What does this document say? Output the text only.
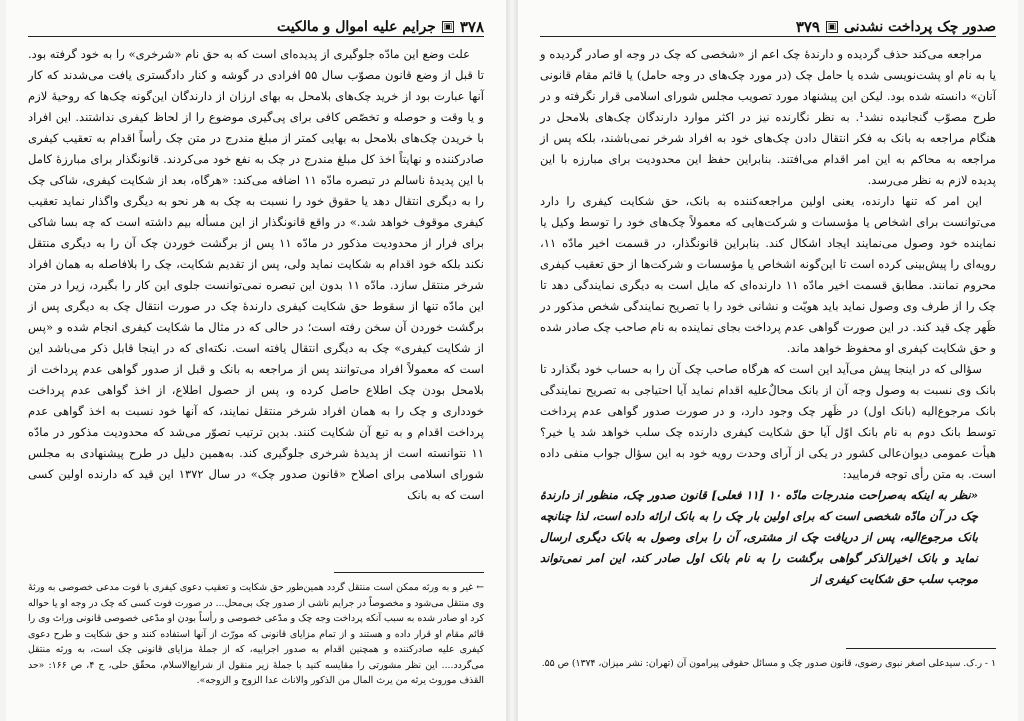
۳۷۸
▣
جرایم علیه اموال و مالکیت

علت وضع این مادّه جلوگیری از پدیده‌ای است که به حق نام «شرخری» را به خود گرفته بود. تا قبل از وضع قانون مصوّب سال ۵۵ افرادی در گوشه و کنار دادگستری یافت می‌شدند که کار آنها عبارت بود از خرید چک‌های بلامحل به بهای ارزان از دارندگان این‌گونه چک‌ها که روحیهٔ لازم و یا وقت و حوصله و تخصّص کافی برای پی‌گیری موضوع را از لحاظ کیفری نداشتند. این افراد با خریدن چک‌های بلامحل به بهایی کمتر از مبلغ مندرج در متن چک رأساً اقدام به تعقیب کیفری صادرکننده و نهایتاً اخذ کل مبلغ مندرج در چک به نفع خود می‌کردند. قانونگذار برای مبارزهٔ کامل با این پدیدهٔ ناسالم در تبصره مادّه ۱۱ اضافه می‌کند: «هرگاه، بعد از شکایت کیفری، شاکی چک را به دیگری انتقال دهد یا حقوق خود را نسبت به چک به هر نحو به دیگری واگذار نماید تعقیب کیفری موقوف خواهد شد.» در واقع قانونگذار از این مسأله بیم داشته است که چه بسا شاکی برای فرار از محدودیت مذکور در مادّه ۱۱ پس از برگشت خوردن چک آن را به دیگری منتقل نکند بلکه خود اقدام به شکایت نماید ولی، پس از تقدیم شکایت، چک را بلافاصله به همان افراد شرخر منتقل سازد. مادّه ۱۱ بدون این تبصره نمی‌توانست جلوی این کار را بگیرد، زیرا در متن این مادّه تنها از سقوط حق شکایت کیفری دارندهٔ چک در صورت انتقال چک به دیگری پس از برگشت خوردن آن سخن رفته است؛ در حالی که در مثال ما شکایت کیفری انجام شده و «پس از شکایت کیفری» چک به دیگری انتقال یافته است. نکته‌ای که در اینجا قابل ذکر می‌باشد این است که معمولاً افراد می‌توانند پس از مراجعه به بانک و قبل از صدور گواهی عدم پرداخت از بلامحل بودن چک اطلاع حاصل کرده و، پس از حصول اطلاع، از اخذ گواهی عدم پرداخت خودداری و چک را به همان افراد شرخر منتقل نمایند، که آنها خود نسبت به اخذ گواهی عدم پرداخت اقدام و به تبع آن شکایت کنند. بدین ترتیب تصوّر می‌شد که محدودیت مذکور در مادّه ۱۱ نتوانسته است از پدیدهٔ شرخری جلوگیری کند. به‌همین دلیل در طرح پیشنهادی به مجلس شورای اسلامی برای اصلاح «قانون صدور چک» در سال ۱۳۷۲ این قید که دارنده اولین کسی است که به بانک

← غیر و به ورثه ممکن است منتقل گردد همین‌طور حق شکایت و تعقیب دعوی کیفری با فوت مدعی خصوصی به ورثهٔ وی منتقل می‌شود و مخصوصاً در جرایم ناشی از صدور چک بی‌محل... در صورت فوت کسی که چک در وجه او یا حواله کرد او صادر شده به سبب آنکه پرداخت وجه چک و مدّعی خصوصی و رأساً بودن او مدّعی خصوصی قانونی وراث وی را قائم مقام او قرار داده و هستند و از تمام مزایای قانونی که مورّث از آنها استفاده کنند و حق شکایت و طرح دعوی کیفری علیه صادرکننده و همچنین اقدام به صدور اجراییه، که از جملهٔ مزایای قانونی چک است، به ورثه منتقل می‌گردد.... این نظر مشورتی را مقایسه کنید با جملهٔ زیر منقول از شرایع‌الاسلام، محقّق حلی، ج ۴، ص ۱۶۶: «حد القذف موروث یرثه من یرث المال من الذکور والاناث عدا الزوج و الزوجه».
صدور چک پرداخت نشدنی
▣
۳۷۹

مراجعه می‌کند حذف گردیده و دارندهٔ چک اعم از «شخصی که چک در وجه او صادر گردیده و یا به نام او پشت‌نویسی شده یا حامل چک (در مورد چک‌های در وجه حامل) یا قائم مقام قانونی آنان» دانسته شده بود. لیکن این پیشنهاد مورد تصویب مجلس شورای اسلامی قرار نگرفته و در طرح مصوّب گنجانیده نشد¹. به نظر نگارنده نیز در اکثر موارد دارندگان چک‌های بلامحل در هنگام مراجعه به بانک به فکر انتقال دادن چک‌های خود به افراد شرخر نمی‌باشند، بلکه پس از مراجعه به محاکم به این امر اقدام می‌افتند. بنابراین حفظ این محدودیت برای مبارزه با این پدیده لازم به نظر می‌رسد.

این امر که تنها دارنده، یعنی اولین مراجعه‌کننده به بانک، حق شکایت کیفری را دارد می‌توانست برای اشخاص یا مؤسسات و شرکت‌هایی که معمولاً چک‌های خود را توسط وکیل یا نماینده خود وصول می‌نمایند ایجاد اشکال کند. بنابراین قانونگذار، در قسمت اخیر مادّه ۱۱، رویه‌ای را پیش‌بینی کرده است تا این‌گونه اشخاص یا مؤسسات و شرکت‌ها از حق تعقیب کیفری محروم نمانند. مطابق قسمت اخیر مادّه ۱۱ دارنده‌ای که مایل است به دیگری نمایندگی دهد تا چک را از طرف وی وصول نماید باید هویّت و نشانی خود را با تصریح نمایندگی شخص مذکور در ظَهر چک قید کند. در این صورت گواهی عدم پرداخت بجای نماینده به نام صاحب چک صادر شده و حق شکایت کیفری او محفوظ خواهد ماند.

سؤالی که در اینجا پیش می‌آید این است که هرگاه صاحب چک آن را به حساب خود بگذارد تا بانک وی نسبت به وصول وجه آن از بانک محالٌ‌علیه اقدام نماید آیا احتیاجی به تصریح نمایندگی بانک مرجوع‌الیه (بانک اول) در ظَهر چک وجود دارد، و در صورت صدور گواهی عدم پرداخت توسط بانک دوم به نام بانک اوّل آیا حق شکایت کیفری دارنده چک سلب خواهد شد یا خیر؟ هیأت عمومی دیوان‌عالی کشور در یکی از آرای وحدت رویه خود به این سؤال جواب منفی داده است. به متن رأی توجه فرمایید:

«نظر به اینکه به‌صراحت مندرجات مادّه ۱۰ [۱۱ فعلی] قانون صدور چک، منظور از دارندهٔ چک در آن مادّه شخصی است که برای اولین بار چک را به بانک ارائه داده است، لذا چنانچه بانک مرجوع‌الیه، پس از دریافت چک از مشتری، آن را برای وصول به بانک دیگری ارسال نماید و بانک اخیرالذکر گواهی برگشت را به نام بانک اول صادر کند، این امر نمی‌تواند موجب سلب حق شکایت کیفری از

۱ - ر.ک. سیدعلی اصغر نبوی رضوی، قانون صدور چک و مسائل حقوقی پیرامون آن (تهران: نشر میزان، ۱۳۷۴) ص ۵۵.
